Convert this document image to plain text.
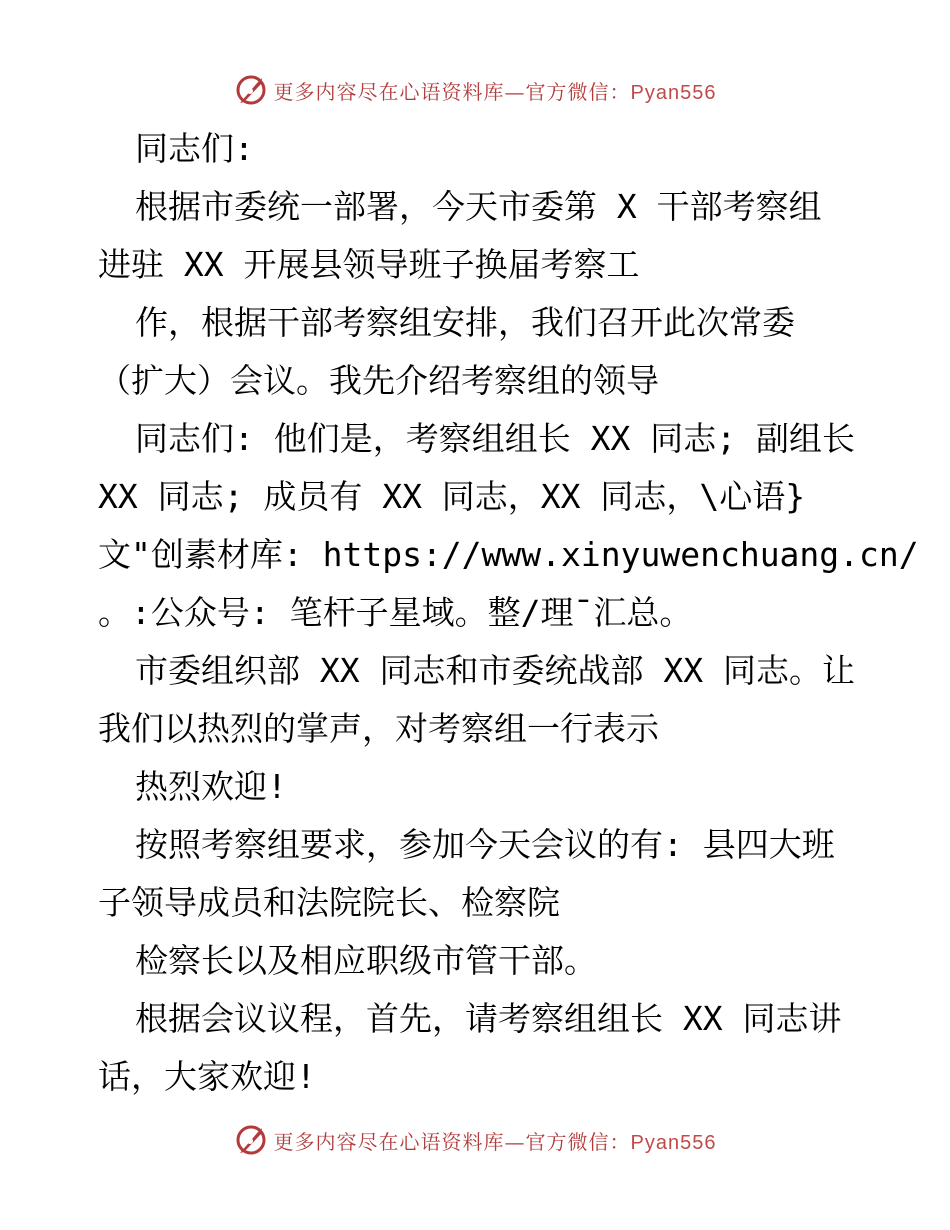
更多内容尽在心语资料库—官方微信：Pyan556
同志们:
根据市委统一部署，今天市委第 X 干部考察组
进驻 XX 开展县领导班子换届考察工
作，根据干部考察组安排，我们召开此次常委
（扩大）会议。我先介绍考察组的领导
同志们: 他们是，考察组组长 XX 同志; 副组长
XX 同志; 成员有 XX 同志，XX 同志，\心语}
文"创素材库: https://www.xinyuwenchuang.cn/
。:公众号: 笔杆子星域。整/理¯汇总。
市委组织部 XX 同志和市委统战部 XX 同志。让
我们以热烈的掌声，对考察组一行表示
热烈欢迎!
按照考察组要求，参加今天会议的有: 县四大班
子领导成员和法院院长、检察院
检察长以及相应职级市管干部。
根据会议议程，首先，请考察组组长 XX 同志讲
话，大家欢迎!
更多内容尽在心语资料库—官方微信：Pyan556
